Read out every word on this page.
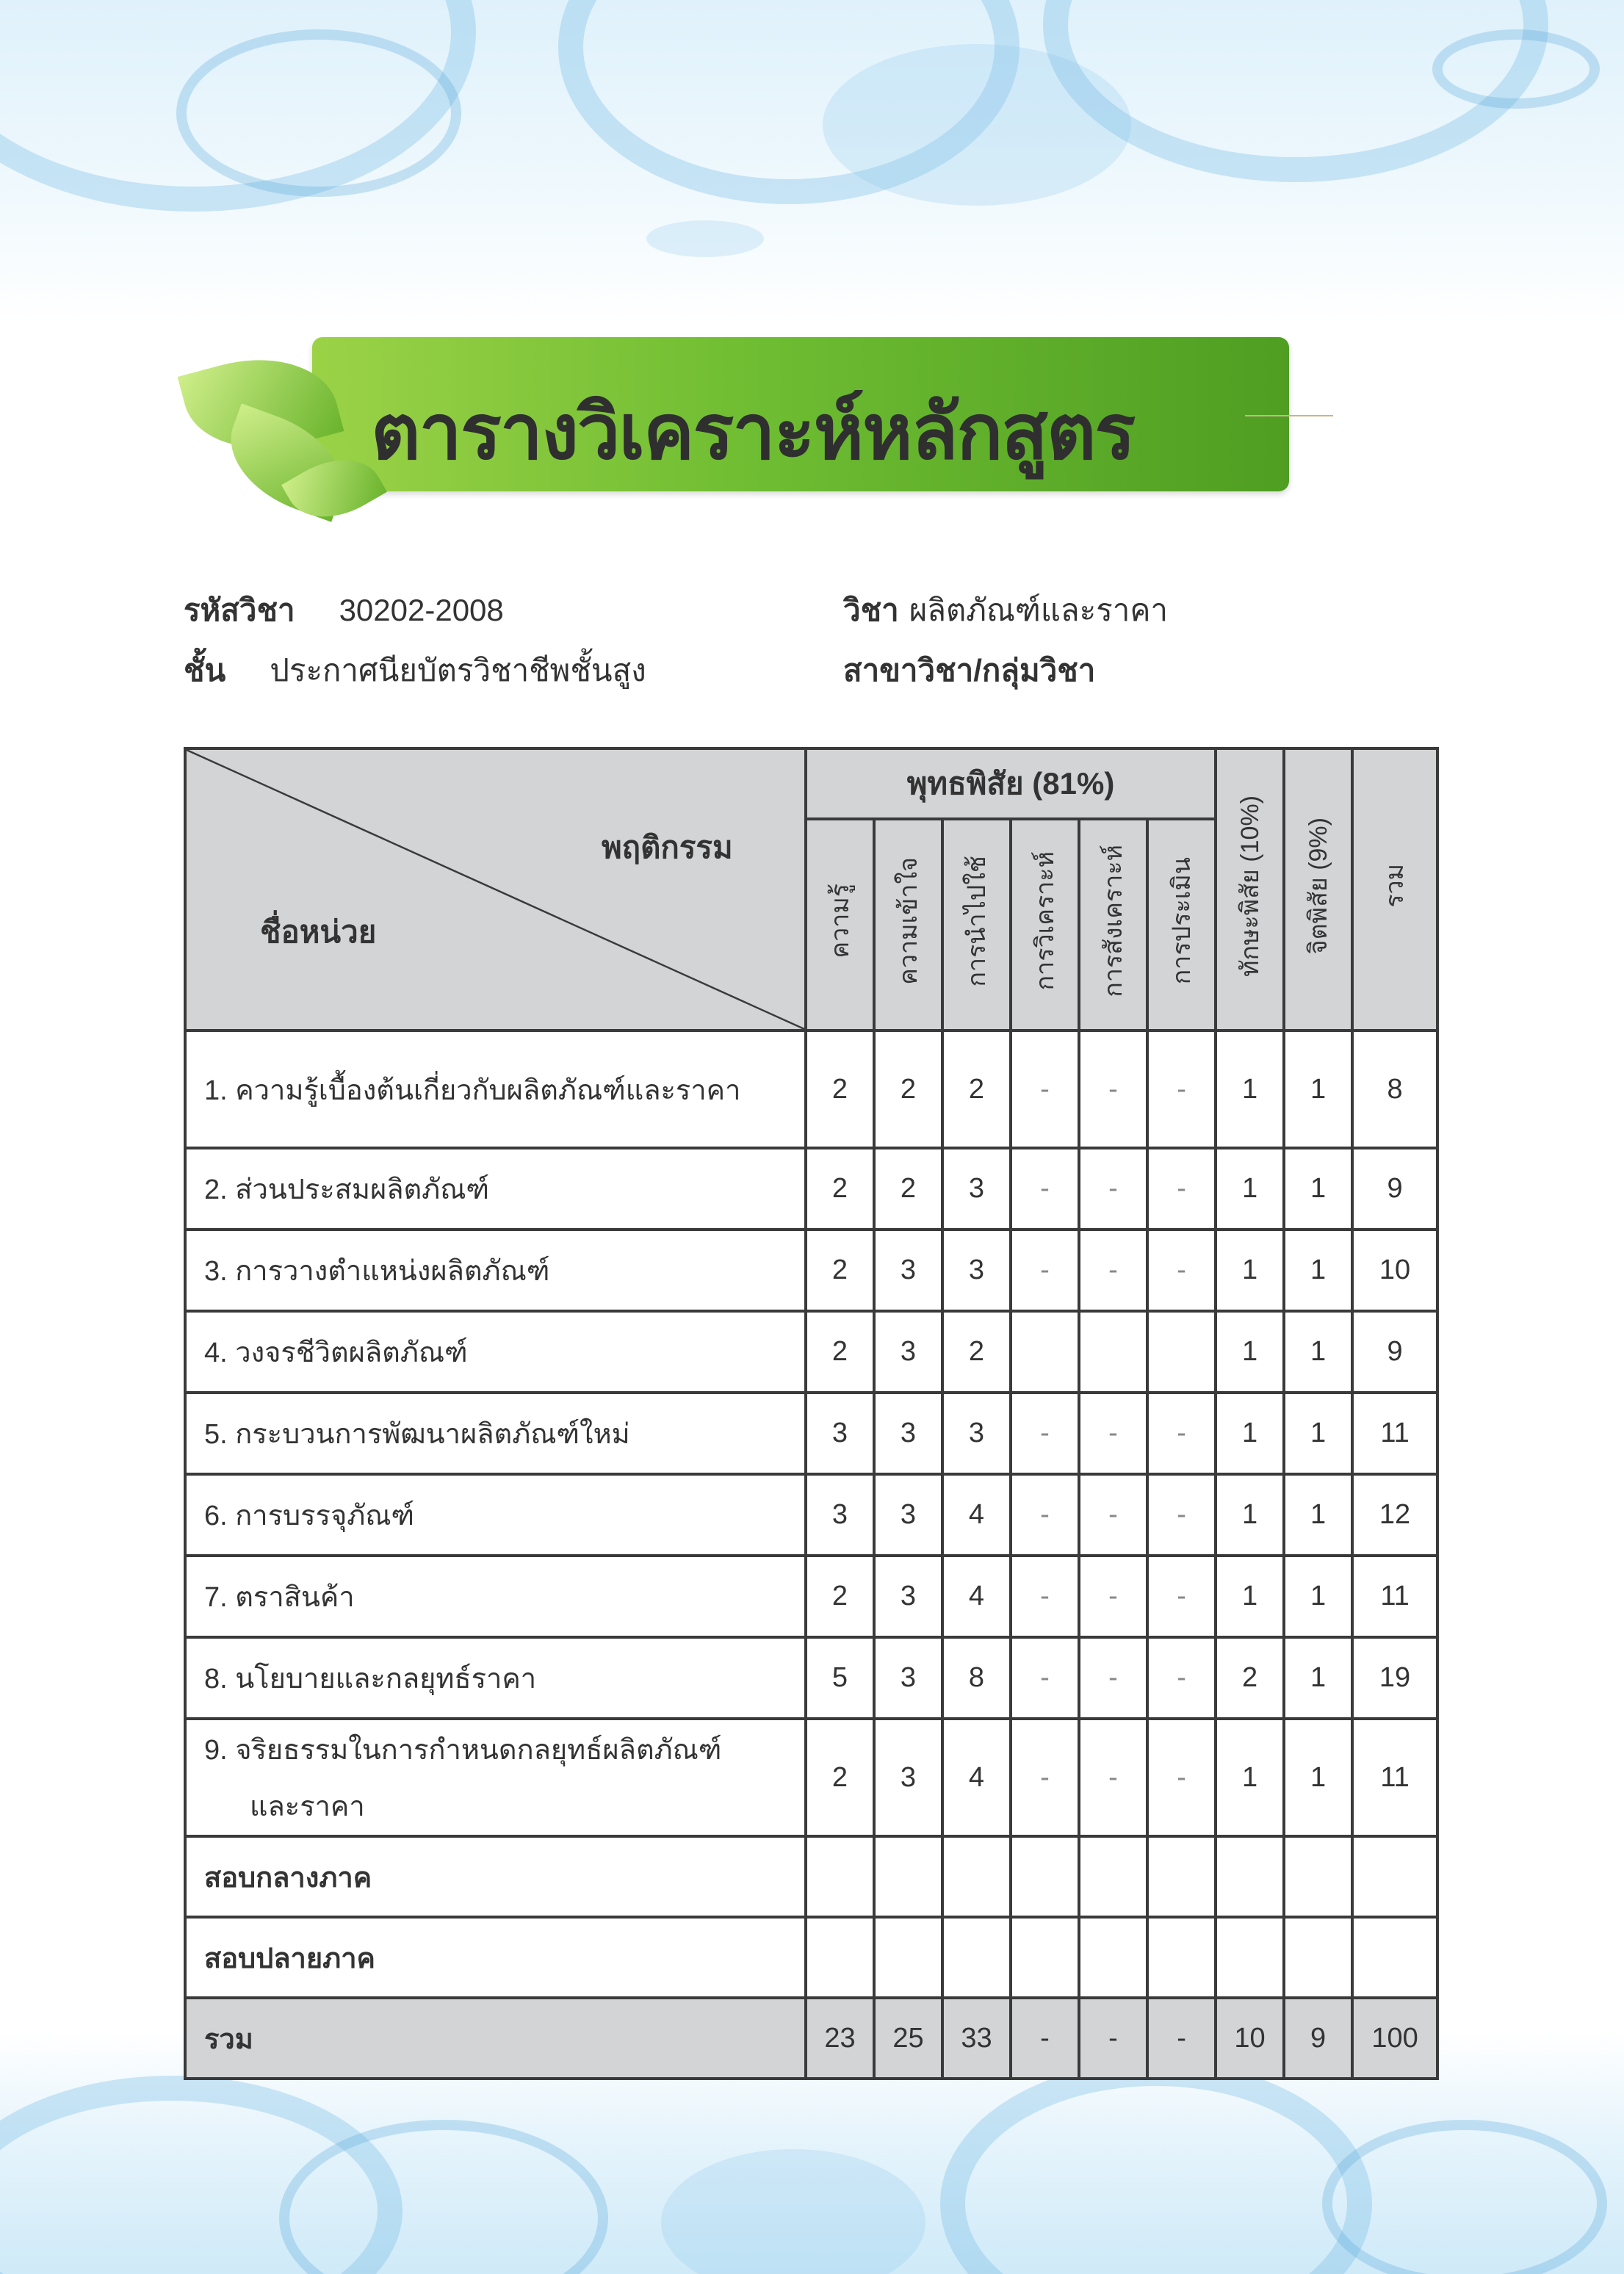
ตารางวิเคราะห์หลักสูตร
รหัสวิชา 30202-2008	วิชา ผลิตภัณฑ์และราคา
ชั้น ประกาศนียบัตรวิชาชีพชั้นสูง	สาขาวิชา/กลุ่มวิชา
พฤติกรรม
ชื่อหน่วย	พุทธพิสัย (81%)						ทักษะพิสัย (10%)	จิตพิสัย (9%)	รวม
	ความรู้	ความเข้าใจ	การนำไปใช้	การวิเคราะห์	การสังเคราะห์	การประเมิน			

1. ความรู้เบื้องต้นเกี่ยวกับผลิตภัณฑ์และราคา	2	2	2	-	-	-	1	1	8

2. ส่วนประสมผลิตภัณฑ์	2	2	3	-	-	-	1	1	9

3. การวางตำแหน่งผลิตภัณฑ์	2	3	3	-	-	-	1	1	10

4. วงจรชีวิตผลิตภัณฑ์	2	3	2				1	1	9

5. กระบวนการพัฒนาผลิตภัณฑ์ใหม่	3	3	3	-	-	-	1	1	11

6. การบรรจุภัณฑ์	3	3	4	-	-	-	1	1	12

7. ตราสินค้า	2	3	4	-	-	-	1	1	11

8. นโยบายและกลยุทธ์ราคา	5	3	8	-	-	-	2	1	19

9. จริยธรรมในการกำหนดกลยุทธ์ผลิตภัณฑ์
และราคา	2	3	4	-	-	-	1	1	11
สอบกลางภาค									
สอบปลายภาค									
รวม	23	25	33	-	-	-	10	9	100
